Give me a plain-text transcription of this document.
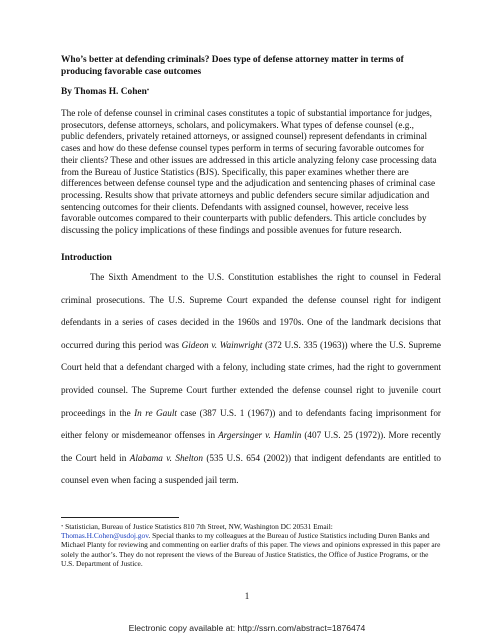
Who’s better at defending criminals? Does type of defense attorney matter in terms of producing favorable case outcomes
By Thomas H. Cohen*
The role of defense counsel in criminal cases constitutes a topic of substantial importance for judges, prosecutors, defense attorneys, scholars, and policymakers. What types of defense counsel (e.g., public defenders, privately retained attorneys, or assigned counsel) represent defendants in criminal cases and how do these defense counsel types perform in terms of securing favorable outcomes for their clients? These and other issues are addressed in this article analyzing felony case processing data from the Bureau of Justice Statistics (BJS). Specifically, this paper examines whether there are differences between defense counsel type and the adjudication and sentencing phases of criminal case processing. Results show that private attorneys and public defenders secure similar adjudication and sentencing outcomes for their clients. Defendants with assigned counsel, however, receive less favorable outcomes compared to their counterparts with public defenders. This article concludes by discussing the policy implications of these findings and possible avenues for future research.
Introduction

The Sixth Amendment to the U.S. Constitution establishes the right to counsel in Federal criminal prosecutions. The U.S. Supreme Court expanded the defense counsel right for indigent defendants in a series of cases decided in the 1960s and 1970s. One of the landmark decisions that occurred during this period was Gideon v. Wainwright (372 U.S. 335 (1963)) where the U.S. Supreme Court held that a defendant charged with a felony, including state crimes, had the right to government provided counsel. The Supreme Court further extended the defense counsel right to juvenile court proceedings in the In re Gault case (387 U.S. 1 (1967)) and to defendants facing imprisonment for either felony or misdemeanor offenses in Argersinger v. Hamlin (407 U.S. 25 (1972)). More recently the Court held in Alabama v. Shelton (535 U.S. 654 (2002)) that indigent defendants are entitled to counsel even when facing a suspended jail term.

* Statistician, Bureau of Justice Statistics 810 7th Street, NW, Washington DC 20531 Email:
Thomas.H.Cohen@usdoj.gov. Special thanks to my colleagues at the Bureau of Justice Statistics including Duren Banks and Michael Planty for reviewing and commenting on earlier drafts of this paper. The views and opinions expressed in this paper are solely the author’s. They do not represent the views of the Bureau of Justice Statistics, the Office of Justice Programs, or the U.S. Department of Justice.
1
Electronic copy available at: http://ssrn.com/abstract=1876474
